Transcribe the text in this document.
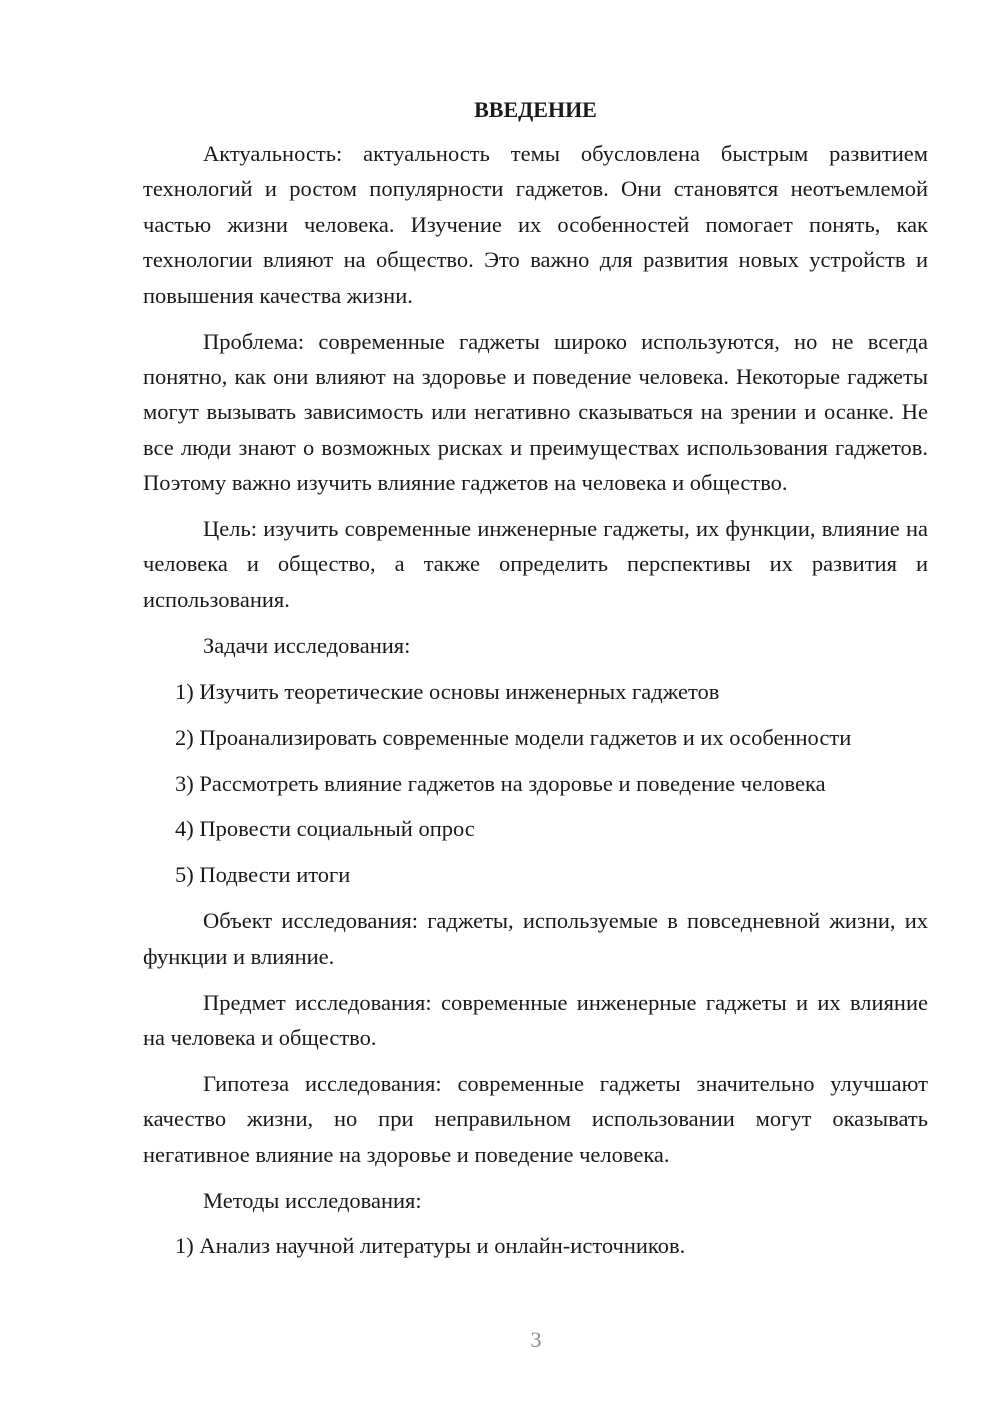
ВВЕДЕНИЕ

Актуальность: актуальность темы обусловлена быстрым развитием технологий и ростом популярности гаджетов. Они становятся неотъемлемой частью жизни человека. Изучение их особенностей помогает понять, как технологии влияют на общество. Это важно для развития новых устройств и повышения качества жизни.

Проблема: современные гаджеты широко используются, но не всегда понятно, как они влияют на здоровье и поведение человека. Некоторые гаджеты могут вызывать зависимость или негативно сказываться на зрении и осанке. Не все люди знают о возможных рисках и преимуществах использования гаджетов. Поэтому важно изучить влияние гаджетов на человека и общество.

Цель: изучить современные инженерные гаджеты, их функции, влияние на человека и общество, а также определить перспективы их развития и использования.

Задачи исследования:

1) Изучить теоретические основы инженерных гаджетов

2) Проанализировать современные модели гаджетов и их особенности

3) Рассмотреть влияние гаджетов на здоровье и поведение человека

4) Провести социальный опрос

5) Подвести итоги

Объект исследования: гаджеты, используемые в повседневной жизни, их функции и влияние.

Предмет исследования: современные инженерные гаджеты и их влияние на человека и общество.

Гипотеза исследования: современные гаджеты значительно улучшают качество жизни, но при неправильном использовании могут оказывать негативное влияние на здоровье и поведение человека.

Методы исследования:

1) Анализ научной литературы и онлайн-источников.

3
